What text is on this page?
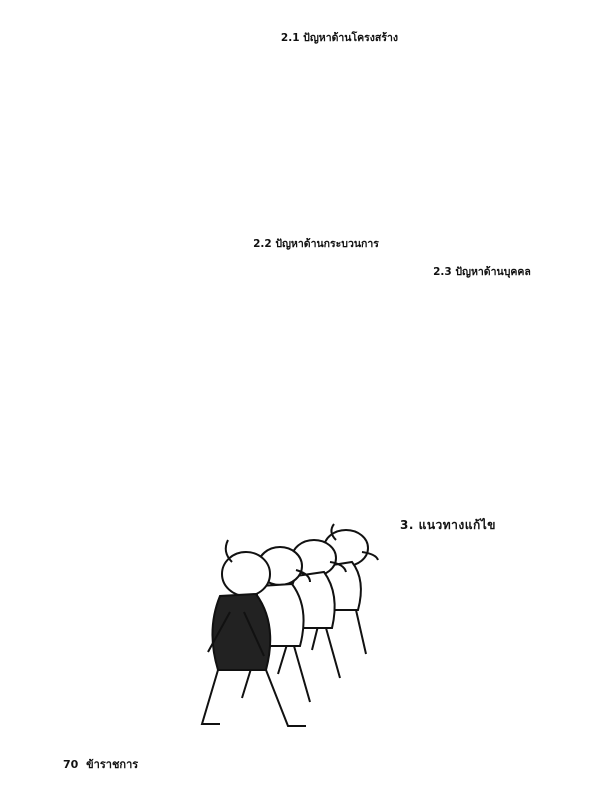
2.1 ปัญหาด้านโครงสร้าง
2.2 ปัญหาด้านกระบวนการ
2.3 ปัญหาด้านบุคคล
3. แนวทางแก้ไข
70 ข้าราชการ
